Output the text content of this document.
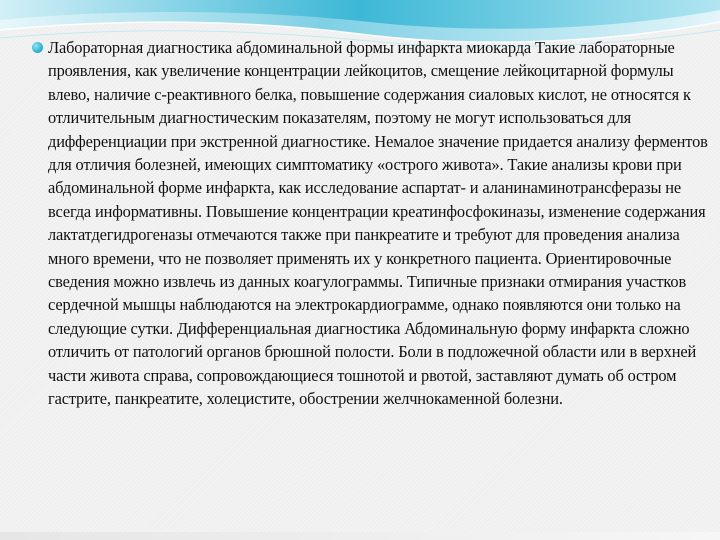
Лабораторная диагностика абдоминальной формы инфаркта миокарда Такие лабораторные проявления, как увеличение концентрации лейкоцитов, смещение лейкоцитарной формулы влево, наличие с-реактивного белка, повышение содержания сиаловых кислот, не относятся к отличительным диагностическим показателям, поэтому не могут использоваться для дифференциации при экстренной диагностике. Немалое значение придается анализу ферментов для отличия болезней, имеющих симптоматику «острого живота». Такие анализы крови при абдоминальной форме инфаркта, как исследование аспартат- и аланинаминотрансферазы не всегда информативны. Повышение концентрации креатинфосфокиназы, изменение содержания лактатдегидрогеназы отмечаются также при панкреатите и требуют для проведения анализа много времени, что не позволяет применять их у конкретного пациента. Ориентировочные сведения можно извлечь из данных коагулограммы. Типичные признаки отмирания участков сердечной мышцы наблюдаются на электрокардиограмме, однако появляются они только на следующие сутки. Дифференциальная диагностика Абдоминальную форму инфаркта сложно отличить от патологий органов брюшной полости. Боли в подложечной области или в верхней части живота справа, сопровождающиеся тошнотой и рвотой, заставляют думать об остром гастрите, панкреатите, холецистите, обострении желчнокаменной болезни.
